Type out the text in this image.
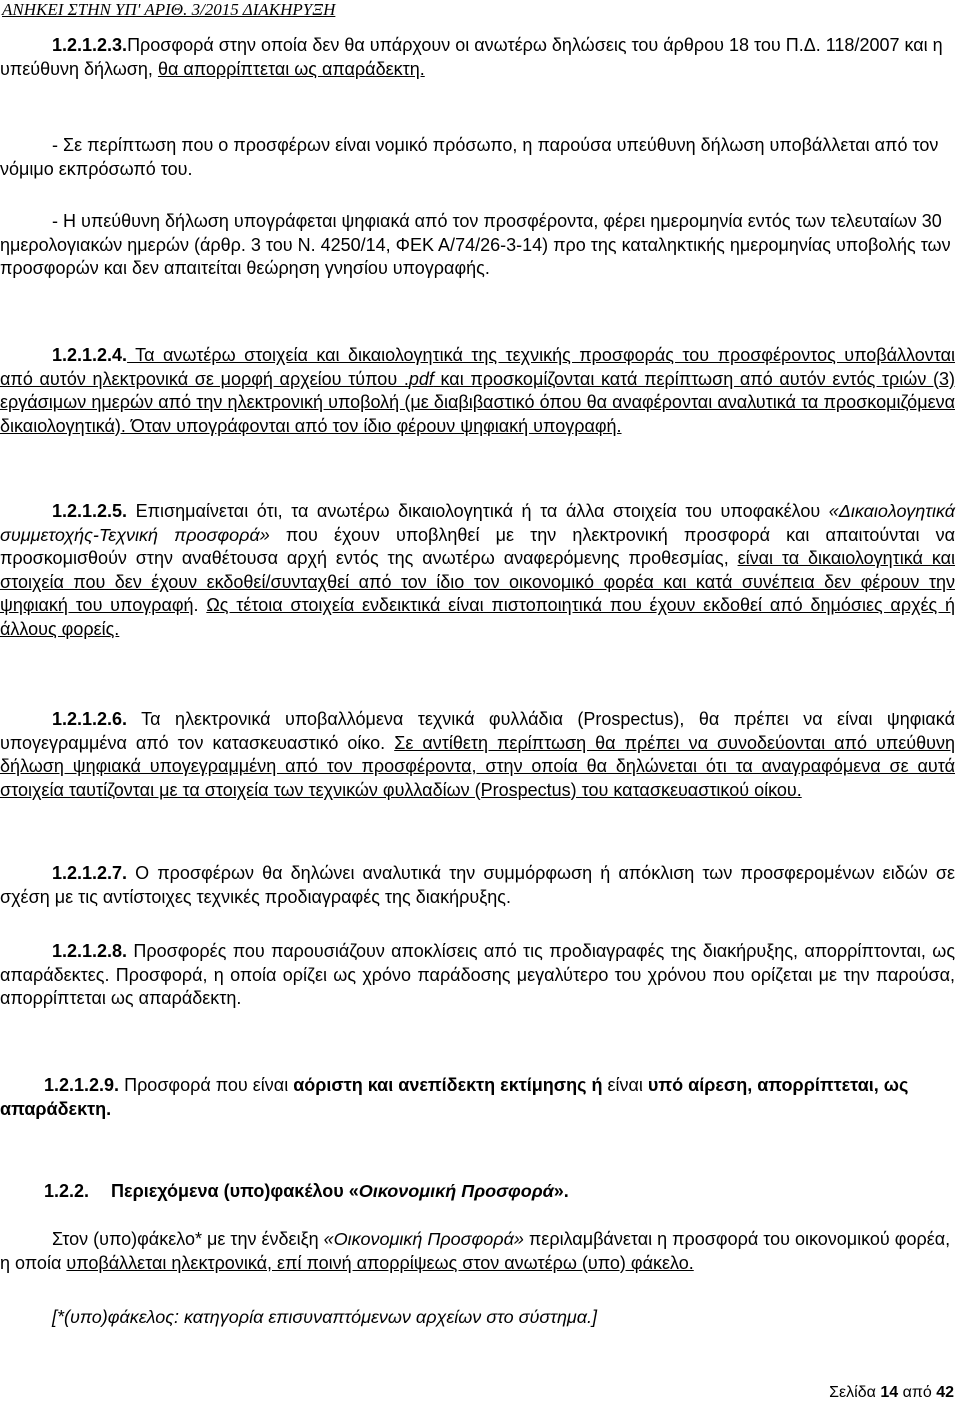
ΑΝΗΚΕΙ ΣΤΗΝ ΥΠ' ΑΡΙΘ. 3/2015 ΔΙΑΚΗΡΥΞΗ
1.2.1.2.3.Προσφορά στην οποία δεν θα υπάρχουν οι ανωτέρω δηλώσεις του άρθρου 18 του Π.Δ. 118/2007 και η υπεύθυνη δήλωση, θα απορρίπτεται ως απαράδεκτη.
- Σε περίπτωση που ο προσφέρων είναι νομικό πρόσωπο, η παρούσα υπεύθυνη δήλωση υποβάλλεται από τον νόμιμο εκπρόσωπό του.
- Η υπεύθυνη δήλωση υπογράφεται ψηφιακά από τον προσφέροντα, φέρει ημερομηνία εντός των τελευταίων 30 ημερολογιακών ημερών (άρθρ. 3 του Ν. 4250/14, ΦΕΚ Α/74/26-3-14) προ της καταληκτικής ημερομηνίας υποβολής των προσφορών και δεν απαιτείται θεώρηση γνησίου υπογραφής.
1.2.1.2.4. Τα ανωτέρω στοιχεία και δικαιολογητικά της τεχνικής προσφοράς του προσφέροντος υποβάλλονται από αυτόν ηλεκτρονικά σε μορφή αρχείου τύπου .pdf και προσκομίζονται κατά περίπτωση από αυτόν εντός τριών (3) εργάσιμων ημερών από την ηλεκτρονική υποβολή (με διαβιβαστικό όπου θα αναφέρονται αναλυτικά τα προσκομιζόμενα δικαιολογητικά). Όταν υπογράφονται από τον ίδιο φέρουν ψηφιακή υπογραφή.
1.2.1.2.5. Επισημαίνεται ότι, τα ανωτέρω δικαιολογητικά ή τα άλλα στοιχεία του υποφακέλου «Δικαιολογητικά συμμετοχής-Τεχνική προσφορά» που έχουν υποβληθεί με την ηλεκτρονική προσφορά και απαιτούνται να προσκομισθούν στην αναθέτουσα αρχή εντός της ανωτέρω αναφερόμενης προθεσμίας, είναι τα δικαιολογητικά και στοιχεία που δεν έχουν εκδοθεί/συνταχθεί από τον ίδιο τον οικονομικό φορέα και κατά συνέπεια δεν φέρουν την ψηφιακή του υπογραφή. Ως τέτοια στοιχεία ενδεικτικά είναι πιστοποιητικά που έχουν εκδοθεί από δημόσιες αρχές ή άλλους φορείς.
1.2.1.2.6. Τα ηλεκτρονικά υποβαλλόμενα τεχνικά φυλλάδια (Prospectus), θα πρέπει να είναι ψηφιακά υπογεγραμμένα από τον κατασκευαστικό οίκο. Σε αντίθετη περίπτωση θα πρέπει να συνοδεύονται από υπεύθυνη δήλωση ψηφιακά υπογεγραμμένη από τον προσφέροντα, στην οποία θα δηλώνεται ότι τα αναγραφόμενα σε αυτά στοιχεία ταυτίζονται με τα στοιχεία των τεχνικών φυλλαδίων (Prospectus) του κατασκευαστικού οίκου.
1.2.1.2.7. Ο προσφέρων θα δηλώνει αναλυτικά την συμμόρφωση ή απόκλιση των προσφερομένων ειδών σε σχέση με τις αντίστοιχες τεχνικές προδιαγραφές της διακήρυξης.
1.2.1.2.8. Προσφορές που παρουσιάζουν αποκλίσεις από τις προδιαγραφές της διακήρυξης, απορρίπτονται, ως απαράδεκτες. Προσφορά, η οποία ορίζει ως χρόνο παράδοσης μεγαλύτερο του χρόνου που ορίζεται με την παρούσα, απορρίπτεται ως απαράδεκτη.
1.2.1.2.9. Προσφορά που είναι αόριστη και ανεπίδεκτη εκτίμησης ή είναι υπό αίρεση, απορρίπτεται, ως απαράδεκτη.
1.2.2. Περιεχόμενα (υπο)φακέλου «Οικονομική Προσφορά».
Στον (υπο)φάκελο* με την ένδειξη «Οικονομική Προσφορά» περιλαμβάνεται η προσφορά του οικονομικού φορέα, η οποία υποβάλλεται ηλεκτρονικά, επί ποινή απορρίψεως στον ανωτέρω (υπο) φάκελο.
[*(υπο)φάκελος: κατηγορία επισυναπτόμενων αρχείων στο σύστημα.]
Σελίδα 14 από 42
